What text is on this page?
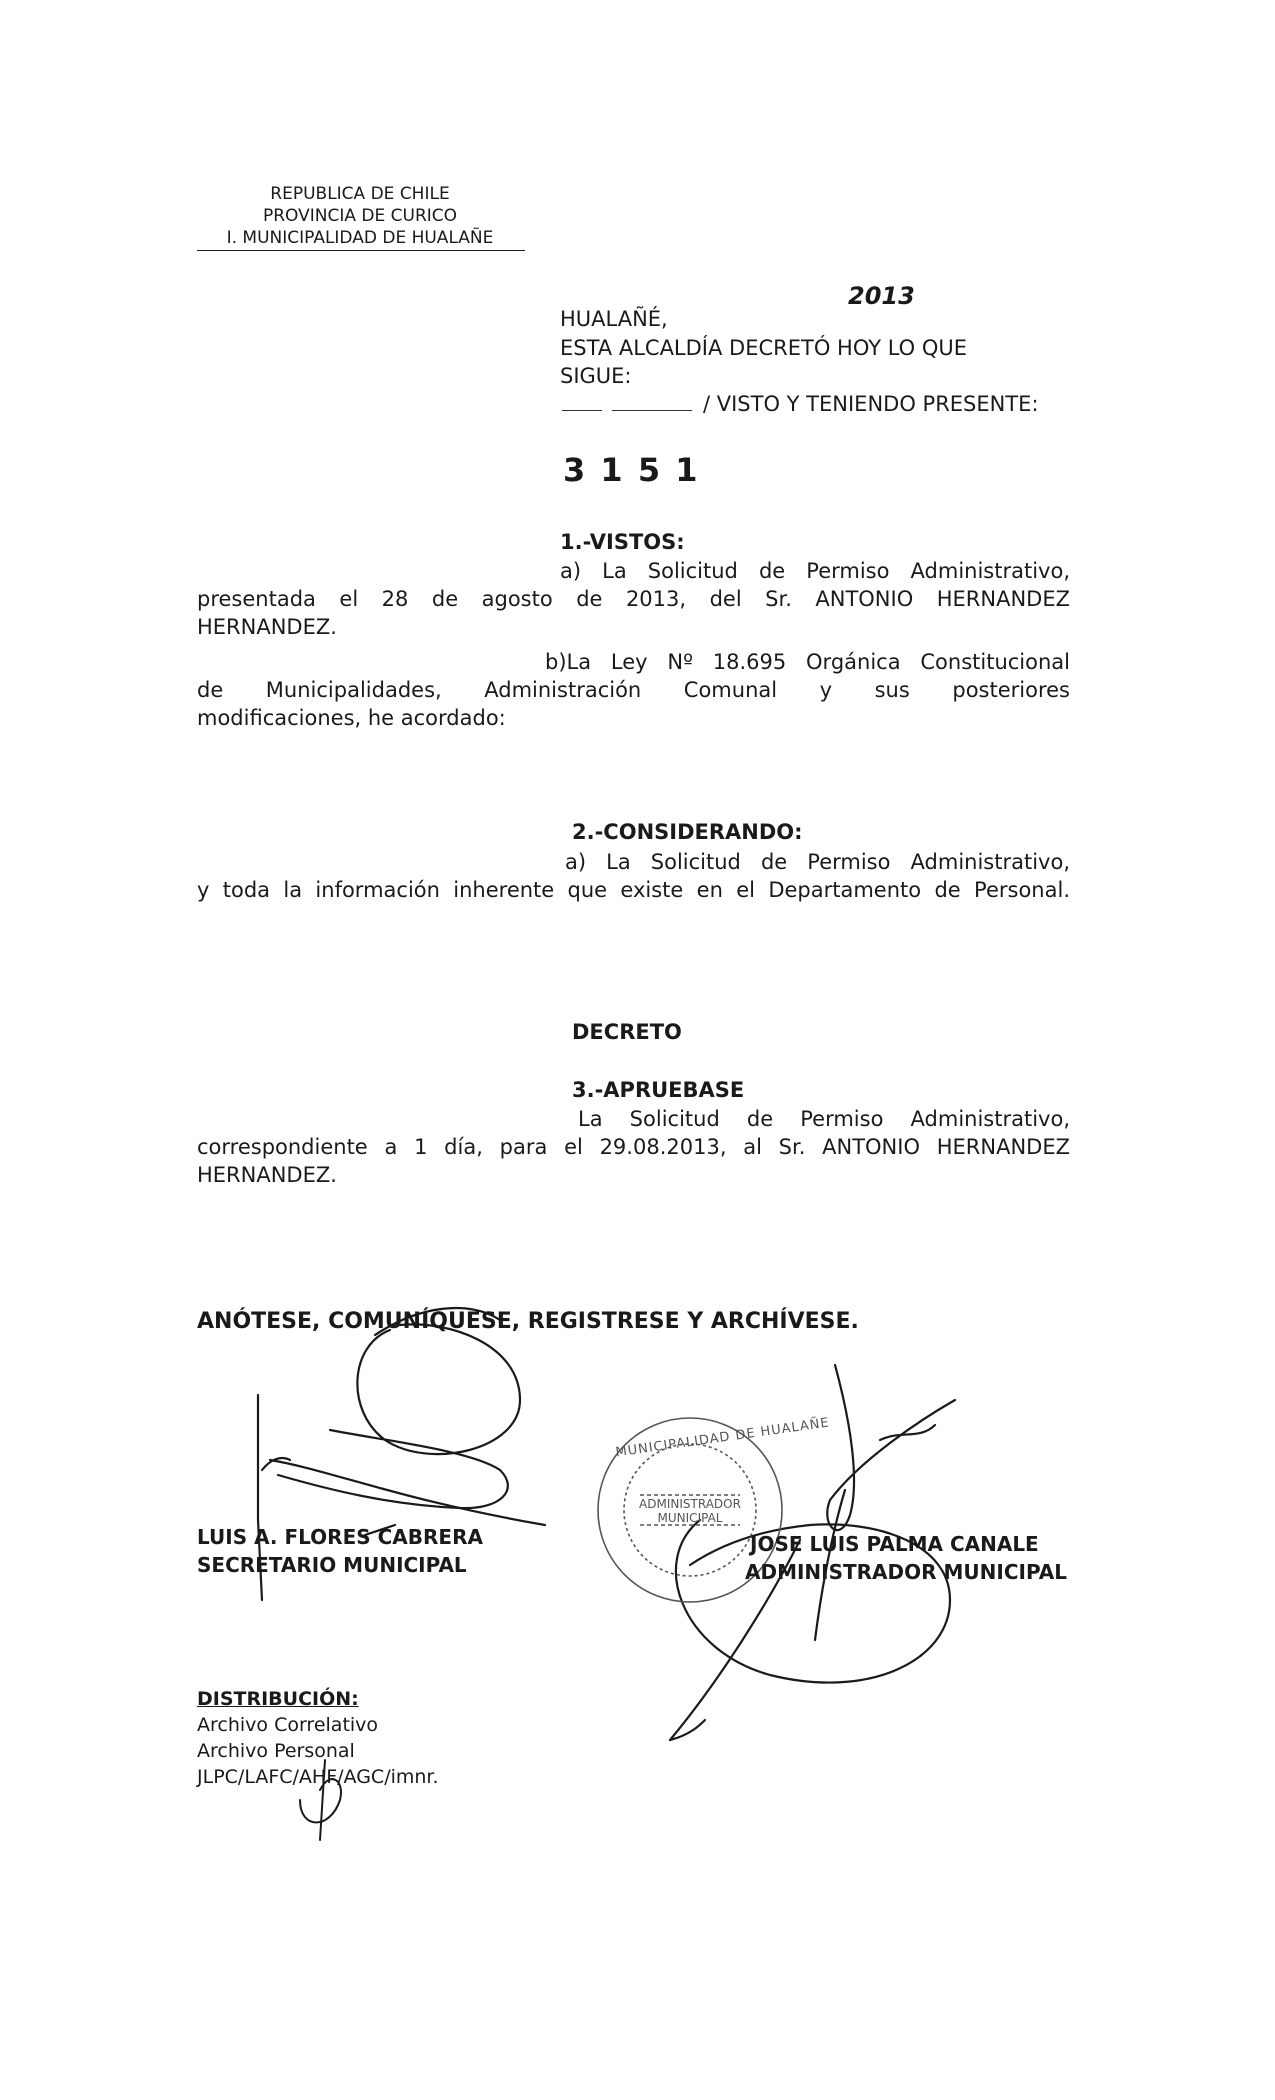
REPUBLICA DE CHILE
PROVINCIA DE CURICO
I. MUNICIPALIDAD DE HUALAÑE
HUALAÑÉ,
2013
ESTA ALCALDÍA DECRETÓ HOY LO QUE
SIGUE:
/ VISTO Y TENIENDO PRESENTE:
3 1 5 1
1.-VISTOS:
a) La Solicitud de Permiso Administrativo,
presentada el 28 de agosto de 2013, del Sr. ANTONIO HERNANDEZ
HERNANDEZ.
b)La Ley Nº 18.695 Orgánica Constitucional
de Municipalidades, Administración Comunal y sus posteriores
modificaciones, he acordado:
2.-CONSIDERANDO:
a) La Solicitud de Permiso Administrativo,
y toda la información inherente que existe en el Departamento de Personal.
DECRETO
3.-APRUEBASE
La Solicitud de Permiso Administrativo,
correspondiente a 1 día, para el 29.08.2013, al Sr. ANTONIO HERNANDEZ
HERNANDEZ.
ANÓTESE, COMUNÍQUESE, REGISTRESE Y ARCHÍVESE.
MUNICIPALIDAD DE HUALAÑE
ADMINISTRADOR
MUNICIPAL
LUIS A. FLORES CABRERA
SECRETARIO MUNICIPAL
JOSE LUIS PALMA CANALE
ADMINISTRADOR MUNICIPAL
DISTRIBUCIÓN:
Archivo Correlativo
Archivo Personal
JLPC/LAFC/AHF/AGC/imnr.
